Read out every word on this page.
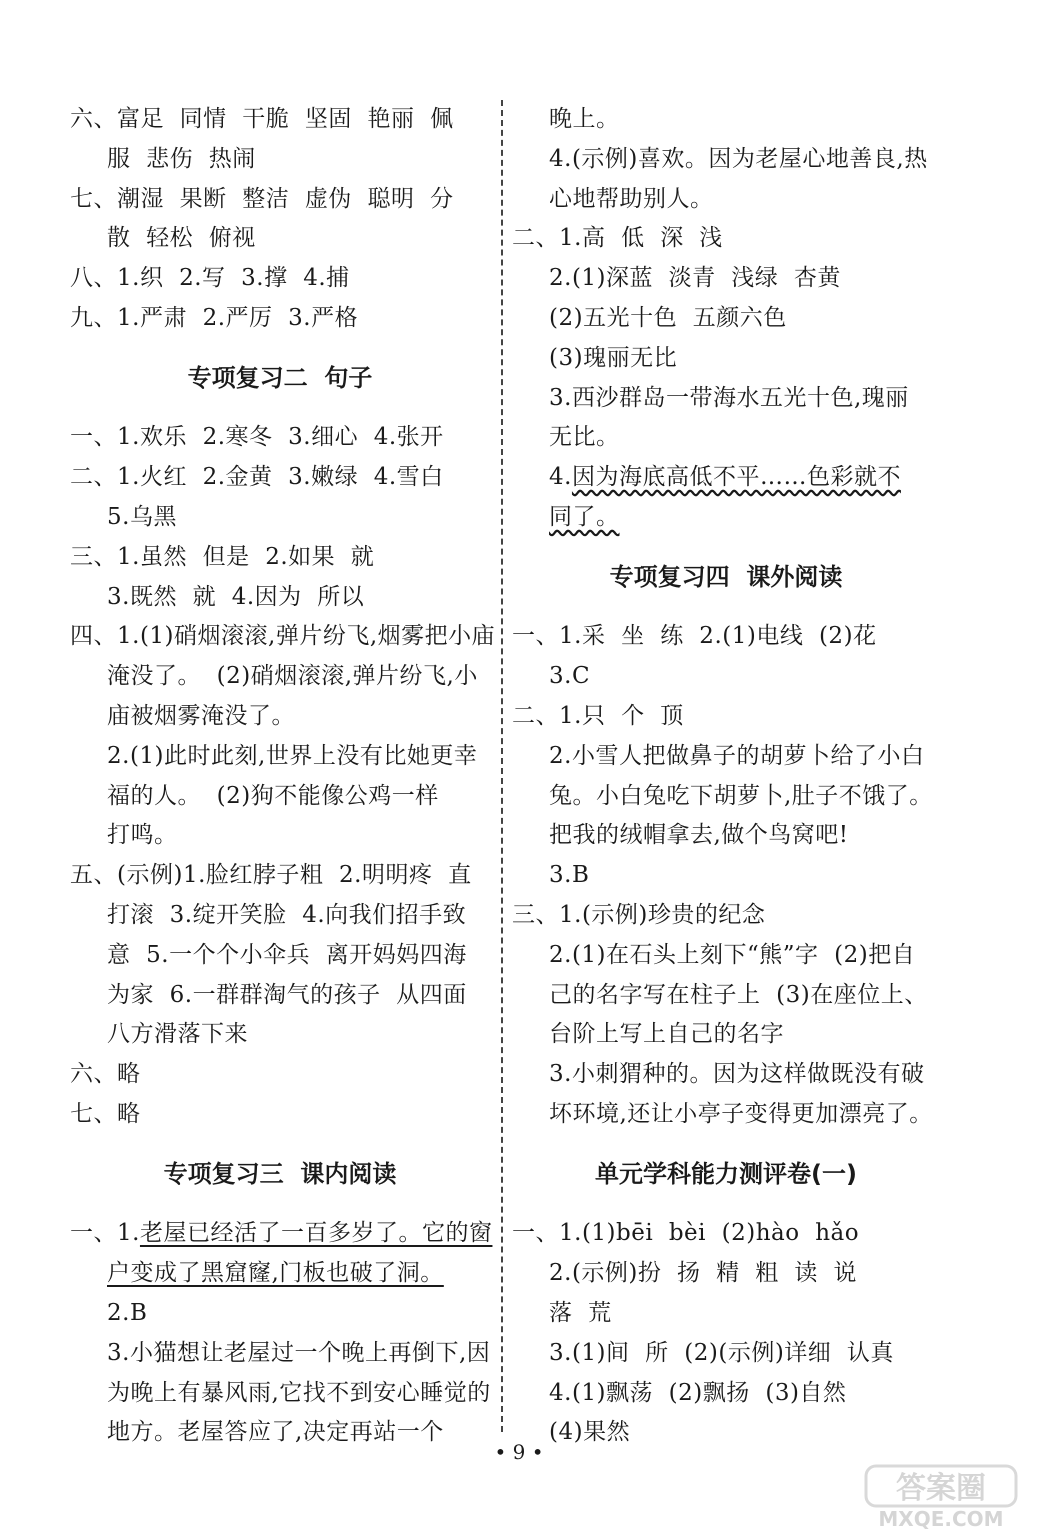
六、富足  同情  干脆  坚固  艳丽  佩
服  悲伤  热闹
七、潮湿  果断  整洁  虚伪  聪明  分
散  轻松  俯视
八、1.织  2.写  3.撑  4.捕
九、1.严肃  2.严厉  3.严格
专项复习二  句子
一、1.欢乐  2.寒冬  3.细心  4.张开
二、1.火红  2.金黄  3.嫩绿  4.雪白
5.乌黑
三、1.虽然  但是  2.如果  就
3.既然  就  4.因为  所以
四、1.(1)硝烟滚滚,弹片纷飞,烟雾把小庙
淹没了。  (2)硝烟滚滚,弹片纷飞,小
庙被烟雾淹没了。
2.(1)此时此刻,世界上没有比她更幸
福的人。  (2)狗不能像公鸡一样
打鸣。
五、(示例)1.脸红脖子粗  2.明明疼  直
打滚  3.绽开笑脸  4.向我们招手致
意  5.一个个小伞兵  离开妈妈四海
为家  6.一群群淘气的孩子  从四面
八方滑落下来
六、略
七、略
专项复习三  课内阅读
一、1.老屋已经活了一百多岁了。它的窗
户变成了黑窟窿,门板也破了洞。
2.B
3.小猫想让老屋过一个晚上再倒下,因
为晚上有暴风雨,它找不到安心睡觉的
地方。老屋答应了,决定再站一个
晚上。
4.(示例)喜欢。因为老屋心地善良,热
心地帮助别人。
二、1.高  低  深  浅
2.(1)深蓝  淡青  浅绿  杏黄
(2)五光十色  五颜六色
(3)瑰丽无比
3.西沙群岛一带海水五光十色,瑰丽
无比。
4.因为海底高低不平……色彩就不
同了。
专项复习四  课外阅读
一、1.采  坐  练  2.(1)电线  (2)花
3.C
二、1.只  个  顶
2.小雪人把做鼻子的胡萝卜给了小白
兔。小白兔吃下胡萝卜,肚子不饿了。
把我的绒帽拿去,做个鸟窝吧!
3.B
三、1.(示例)珍贵的纪念
2.(1)在石头上刻下“熊”字  (2)把自
己的名字写在柱子上  (3)在座位上、
台阶上写上自己的名字
3.小刺猬种的。因为这样做既没有破
坏环境,还让小亭子变得更加漂亮了。
单元学科能力测评卷(一)
一、1.(1)bēi  bèi  (2)hào  hǎo
2.(示例)扮  扬  精  粗  读  说
落  荒
3.(1)间  所  (2)(示例)详细  认真
4.(1)飘荡  (2)飘扬  (3)自然
(4)果然
• 9 •
答案圈
MXQE.COM
